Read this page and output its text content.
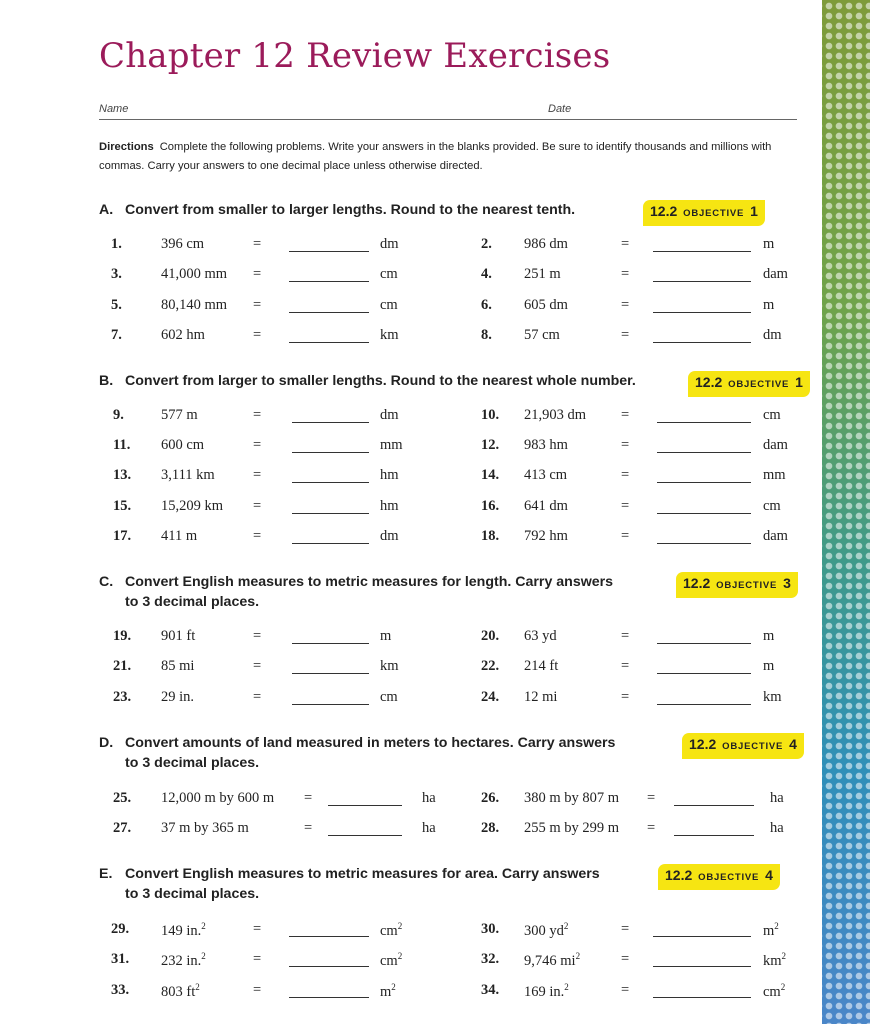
Chapter 12 Review Exercises
Name	Date
Directions Complete the following problems. Write your answers in the blanks provided. Be sure to identify thousands and millions with commas. Carry your answers to one decimal place unless otherwise directed.
A. Convert from smaller to larger lengths. Round to the nearest tenth.	12.2 OBJECTIVE 1
1.	396 cm	=	dm	2.	986 dm	=	m
3.	41,000 mm =	cm	4.	251 m	=	dam
5.	80,140 mm =	cm	6.	605 dm	=	m
7.	602 hm	=	km	8.	57 cm	=	dm
B. Convert from larger to smaller lengths. Round to the nearest whole number.	12.2 OBJECTIVE 1
9.	577 m	=	dm	10.	21,903 dm =	cm
11.	600 cm	=	mm	12.	983 hm	=	dam
13.	3,111 km	=	hm	14.	413 cm	=	mm
15.	15,209 km =	hm	16.	641 dm	=	cm
17.	411 m	=	dm	18.	792 hm	=	dam
C. Convert English measures to metric measures for length. Carry answers
to 3 decimal places.
12.2 OBJECTIVE 3
19.	901 ft	=	m	20.	63 yd	=	m
21.	85 mi	=	km	22.	214 ft	=	m
23.	29 in.	=	cm	24.	12 mi	=	km
D. Convert amounts of land measured in meters to hectares. Carry answers
to 3 decimal places.
12.2 OBJECTIVE 4
25.	12,000 m by 600 m =	ha	26.	380 m by 807 m =	ha
27.	37 m by 365 m	=	ha	28.	255 m by 299 m =	ha
E. Convert English measures to metric measures for area. Carry answers
to 3 decimal places.
12.2 OBJECTIVE 4
29.	149 in.$^2$	=	$cm^2$	30.	300 $yd^2$	=	$m^2$
31.	232 in.$^2$	=	$cm^2$	32.	9,746 $mi^2$	=	$km^2$
33.	803 $ft^2$	=	$m^2$	34.	169 in.$^2$	=	$cm^2$
